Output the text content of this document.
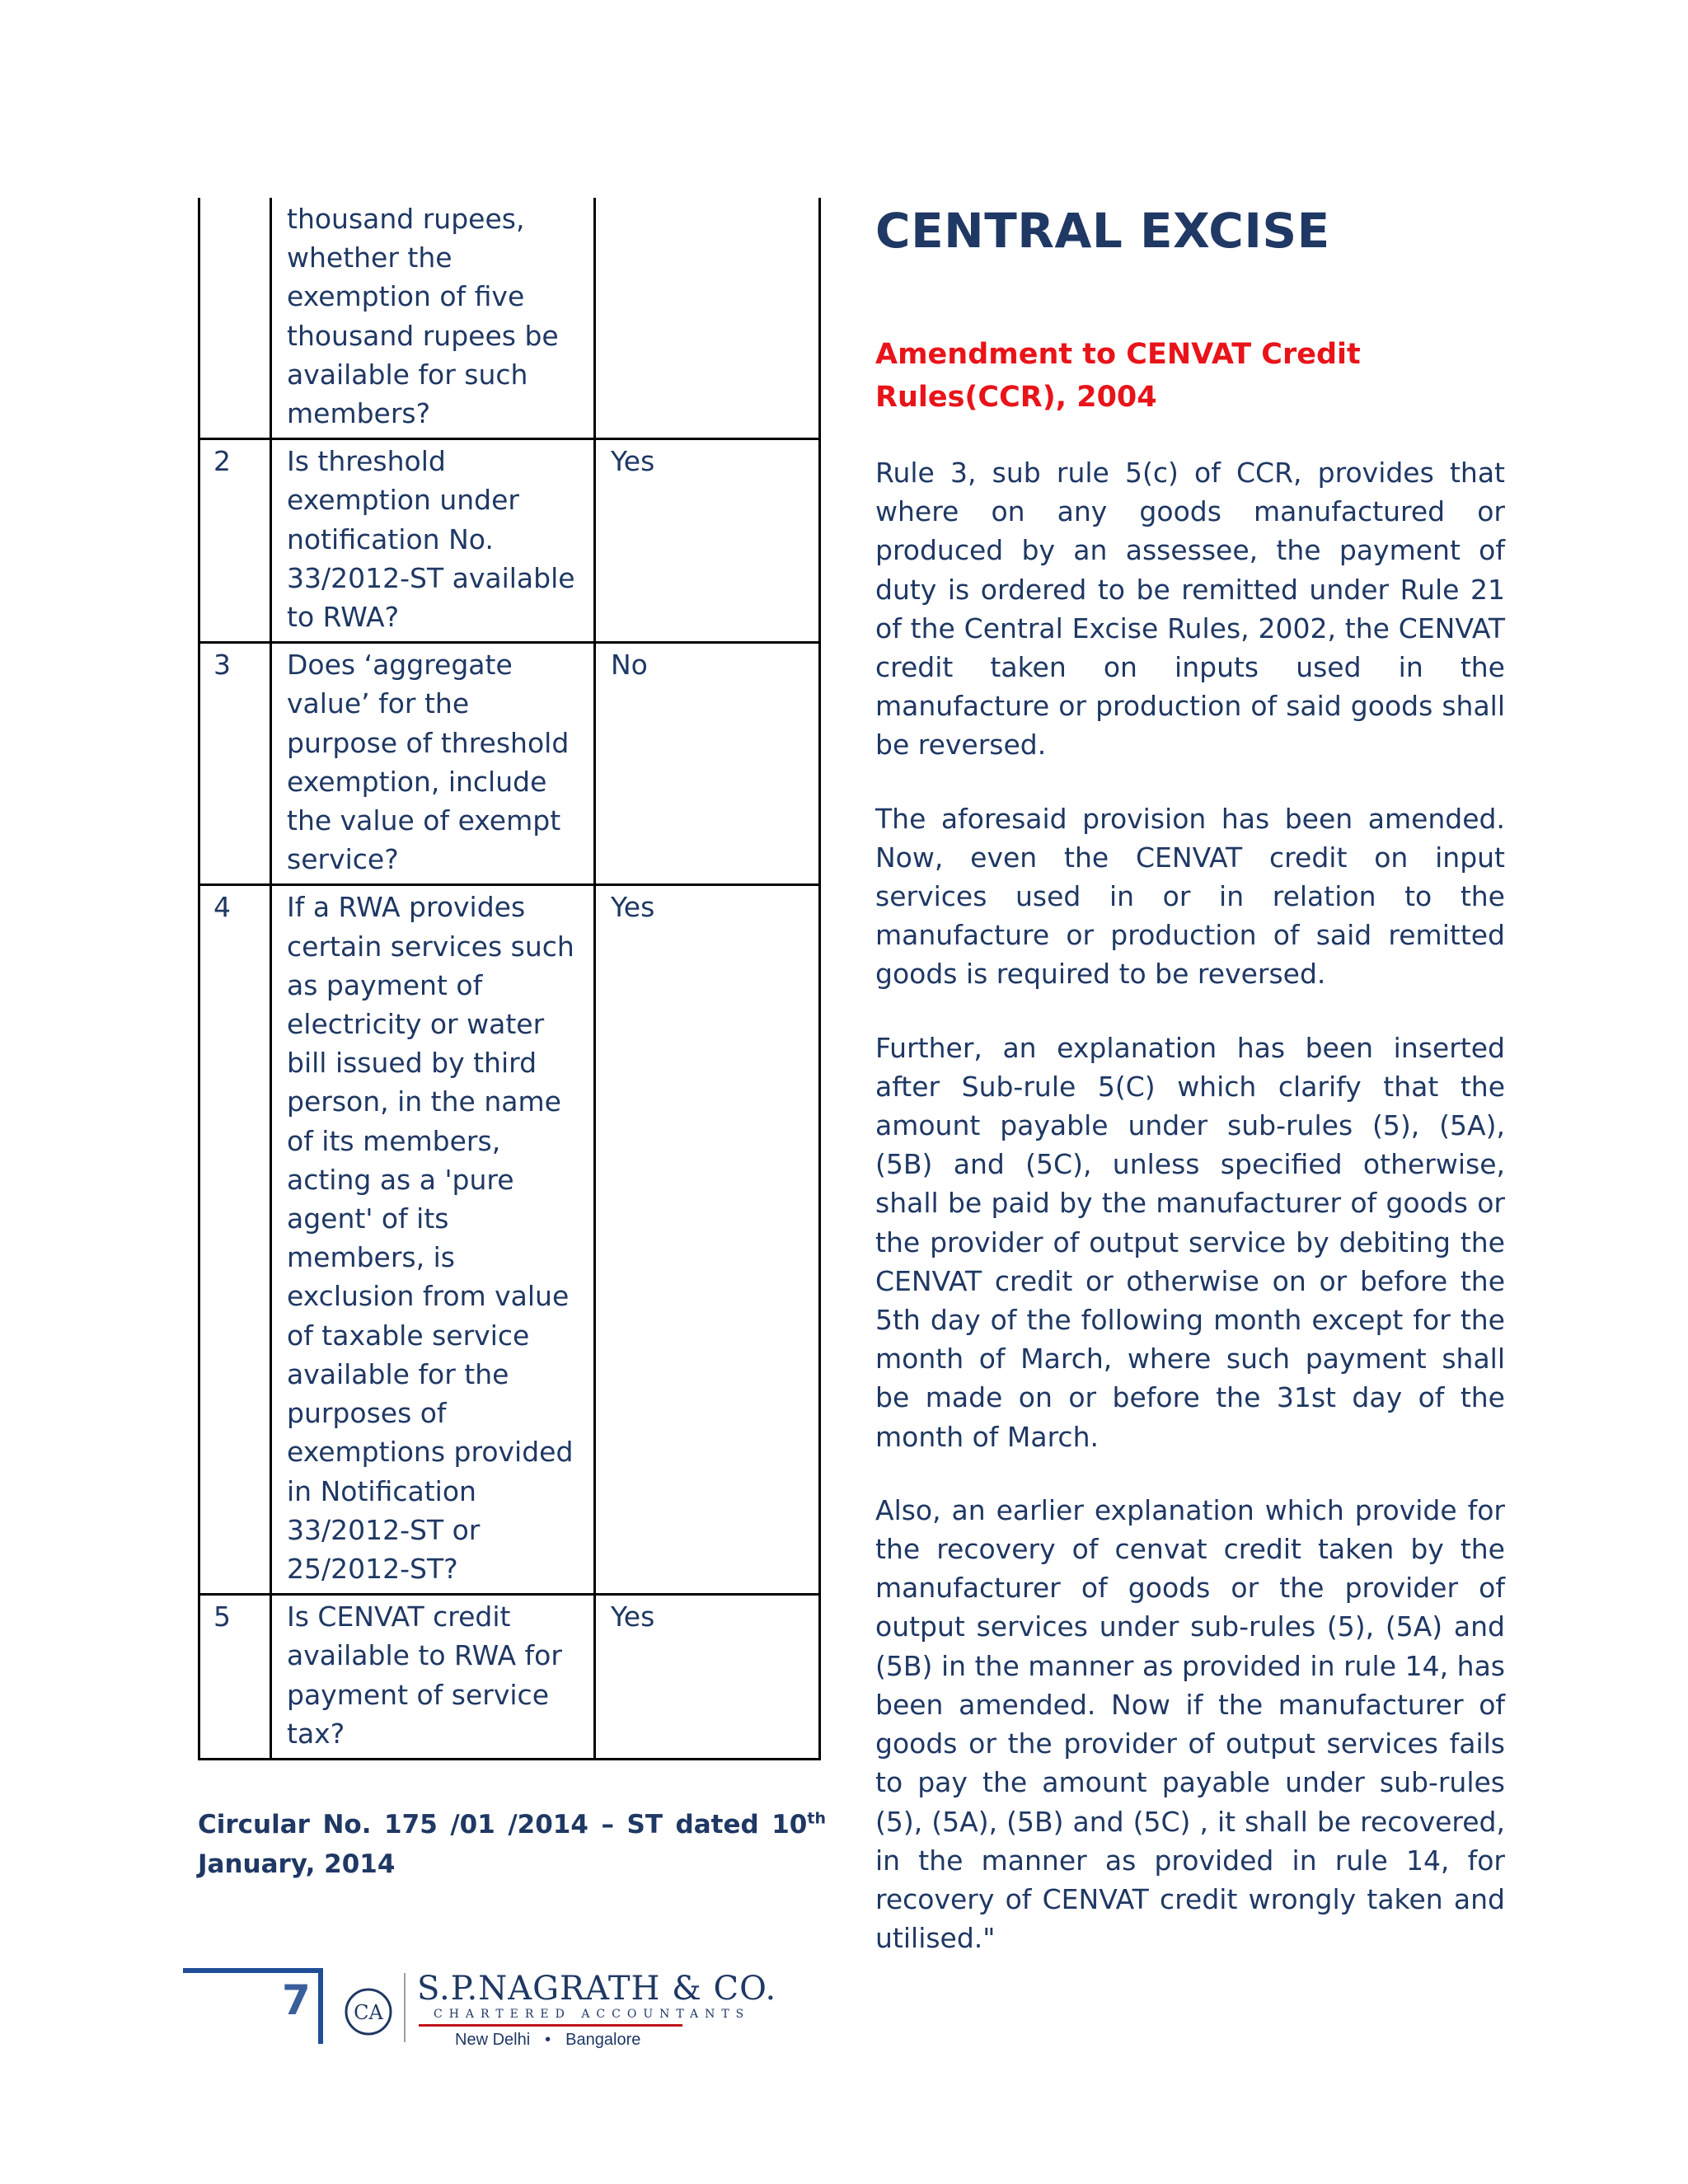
	thousand rupees, whether the exemption of five thousand rupees be available for such members?	
2	Is threshold exemption under notification No. 33/2012-ST available to RWA?	Yes
3	Does ‘aggregate value’ for the purpose of threshold exemption, include the value of exempt service?	No
4	If a RWA provides certain services such as payment of electricity or water bill issued by third person, in the name of its members, acting as a 'pure agent' of its members, is exclusion from value of taxable service available for the purposes of exemptions provided in Notification 33/2012-ST or 25/2012-ST?	Yes
5	Is CENVAT credit available to RWA for payment of service tax?	Yes
Circular No. 175 /01 /2014 – ST dated 10th January, 2014
CENTRAL EXCISE
Amendment to CENVAT Credit Rules(CCR), 2004

Rule 3, sub rule 5(c) of CCR, provides that where on any goods manufactured or produced by an assessee, the payment of duty is ordered to be remitted under Rule 21 of the Central Excise Rules, 2002, the CENVAT credit taken on inputs used in the manufacture or production of said goods shall be reversed.

The aforesaid provision has been amended. Now, even the CENVAT credit on input services used in or in relation to the manufacture or production of said remitted goods is required to be reversed.

Further, an explanation has been inserted after Sub-rule 5(C) which clarify that the amount payable under sub-rules (5), (5A), (5B) and (5C), unless specified otherwise, shall be paid by the manufacturer of goods or the provider of output service by debiting the CENVAT credit or otherwise on or before the 5th day of the following month except for the month of March, where such payment shall be made on or before the 31st day of the month of March.

Also, an earlier explanation which provide for the recovery of cenvat credit taken by the manufacturer of goods or the provider of output services under sub-rules (5), (5A) and (5B) in the manner as provided in rule 14, has been amended. Now if the manufacturer of goods or the provider of output services fails to pay the amount payable under sub-rules (5), (5A), (5B) and (5C) , it shall be recovered, in the manner as provided in rule 14, for recovery of CENVAT credit wrongly taken and utilised."

7 CA
S.P.NAGRATH & CO.
CHARTERED ACCOUNTANTS
New Delhi • Bangalore
